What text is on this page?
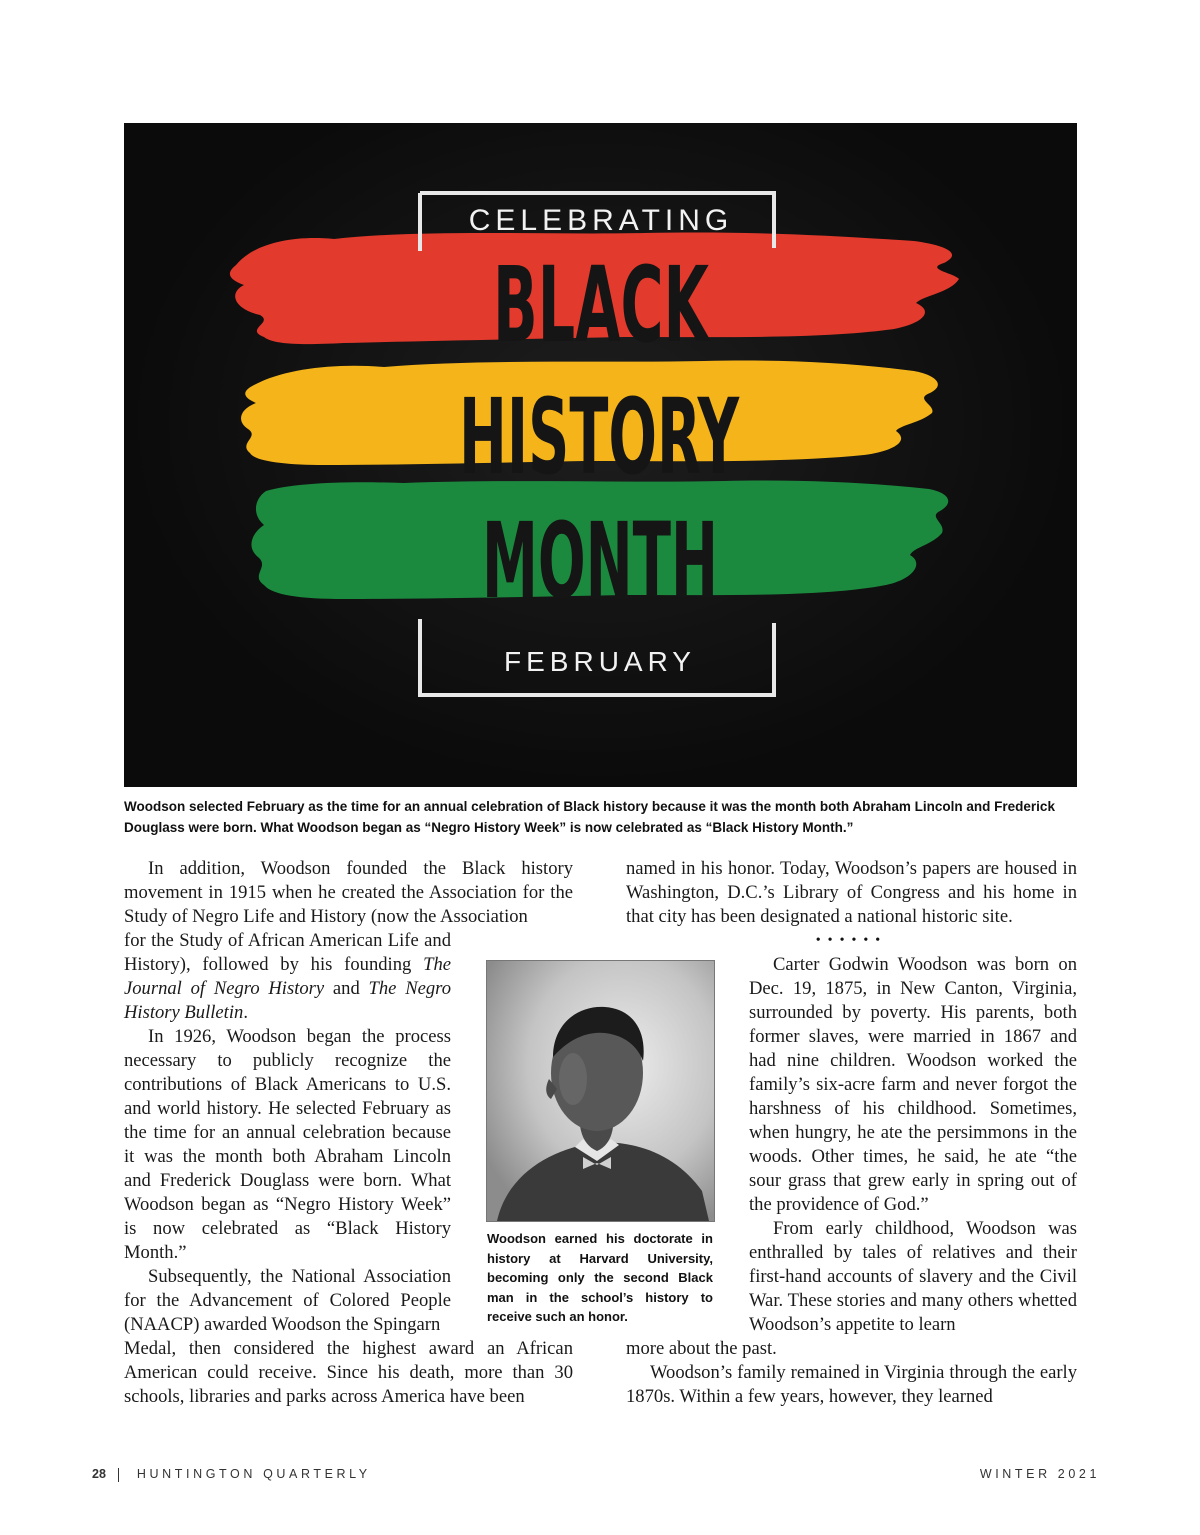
CELEBRATING
BLACK
HISTORY
MONTH
FEBRUARY
Woodson selected February as the time for an annual celebration of Black history because it was the month both Abraham Lincoln and Frederick Douglass were born. What Woodson began as “Negro History Week” is now celebrated as “Black History Month.”

In addition, Woodson founded the Black history movement in 1915 when he created the Association for the Study of Negro Life and History (now the Association

for the Study of African American Life and History), followed by his founding The Journal of Negro History and The Negro History Bulletin.

In 1926, Woodson began the process necessary to publicly recognize the contributions of Black Americans to U.S. and world history. He selected February as the time for an annual celebration because it was the month both Abraham Lincoln and Frederick Douglass were born. What Woodson began as “Negro History Week” is now celebrated as “Black History Month.”

Subsequently, the National Association for the Advancement of Colored People (NAACP) awarded Woodson the Spingarn

Medal, then considered the highest award an African American could receive. Since his death, more than 30 schools, libraries and parks across America have been

named in his honor. Today, Woodson’s papers are housed in Washington, D.C.’s Library of Congress and his home in that city has been designated a national historic site.

••••••

Carter Godwin Woodson was born on Dec. 19, 1875, in New Canton, Virginia, surrounded by poverty. His parents, both former slaves, were married in 1867 and had nine children. Woodson worked the family’s six-acre farm and never forgot the harshness of his childhood. Sometimes, when hungry, he ate the persimmons in the woods. Other times, he said, he ate “the sour grass that grew early in spring out of the providence of God.”

From early childhood, Woodson was enthralled by tales of relatives and their first-hand accounts of slavery and the Civil War. These stories and many others whetted Woodson’s appetite to learn

more about the past.

Woodson’s family remained in Virginia through the early 1870s. Within a few years, however, they learned

Woodson earned his doctorate in history at Harvard University, becoming only the second Black man in the school’s history to receive such an honor.
28 HUNTINGTON QUARTERLY	WINTER 2021
